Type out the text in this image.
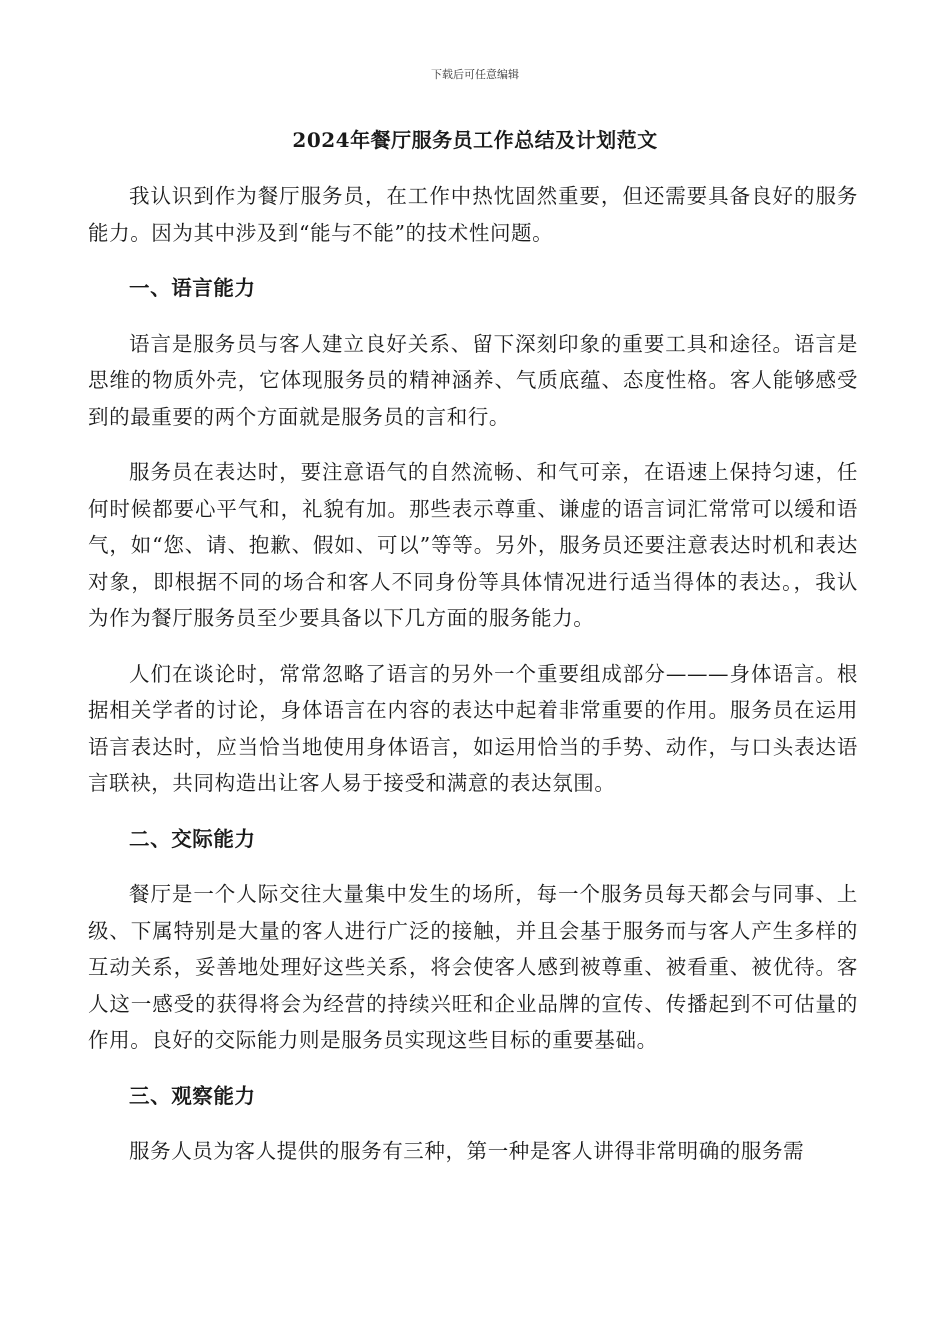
下载后可任意编辑
2024年餐厅服务员工作总结及计划范文

我认识到作为餐厅服务员，在工作中热忱固然重要，但还需要具备良好的服务能力。因为其中涉及到“能与不能”的技术性问题。

一、语言能力

语言是服务员与客人建立良好关系、留下深刻印象的重要工具和途径。语言是思维的物质外壳，它体现服务员的精神涵养、气质底蕴、态度性格。客人能够感受到的最重要的两个方面就是服务员的言和行。

服务员在表达时，要注意语气的自然流畅、和气可亲，在语速上保持匀速，任何时候都要心平气和，礼貌有加。那些表示尊重、谦虚的语言词汇常常可以缓和语气，如“您、请、抱歉、假如、可以”等等。另外，服务员还要注意表达时机和表达对象，即根据不同的场合和客人不同身份等具体情况进行适当得体的表达。，我认为作为餐厅服务员至少要具备以下几方面的服务能力。

人们在谈论时，常常忽略了语言的另外一个重要组成部分———身体语言。根据相关学者的讨论，身体语言在内容的表达中起着非常重要的作用。服务员在运用语言表达时，应当恰当地使用身体语言，如运用恰当的手势、动作，与口头表达语言联袂，共同构造出让客人易于接受和满意的表达氛围。

二、交际能力

餐厅是一个人际交往大量集中发生的场所，每一个服务员每天都会与同事、上级、下属特别是大量的客人进行广泛的接触，并且会基于服务而与客人产生多样的互动关系，妥善地处理好这些关系，将会使客人感到被尊重、被看重、被优待。客人这一感受的获得将会为经营的持续兴旺和企业品牌的宣传、传播起到不可估量的作用。良好的交际能力则是服务员实现这些目标的重要基础。

三、观察能力

服务人员为客人提供的服务有三种，第一种是客人讲得非常明确的服务需
